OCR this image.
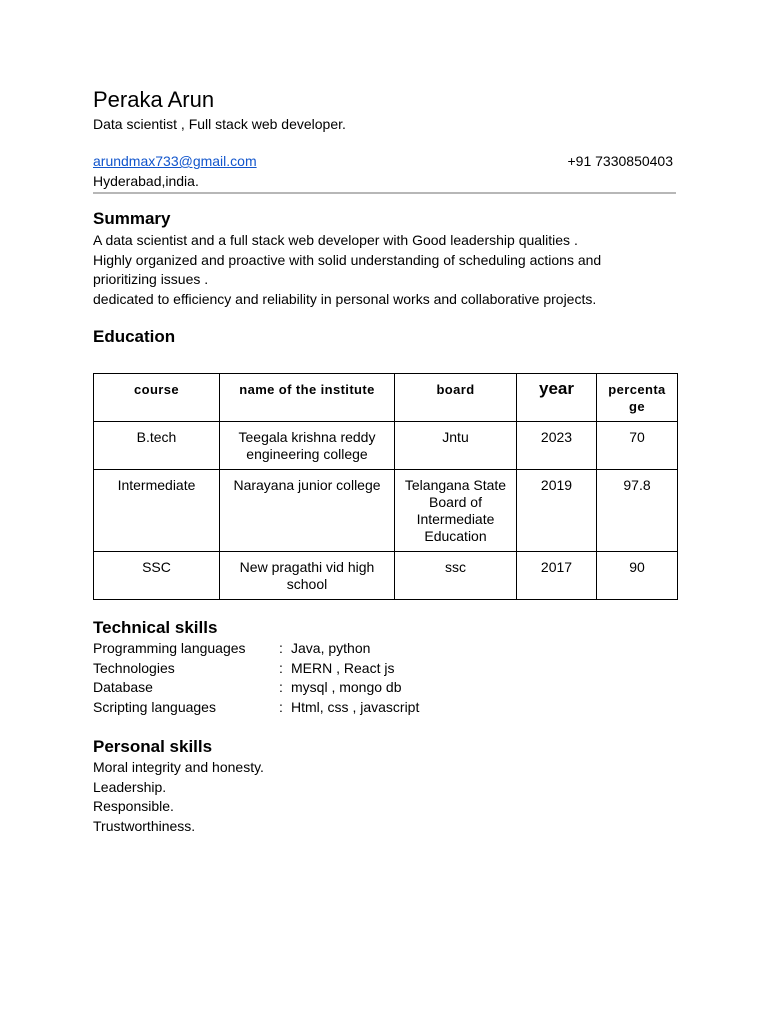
Peraka Arun
Data scientist , Full stack web developer.
arundmax733@gmail.com	+91 7330850403
Hyderabad,india.
Summary
A data scientist and a full stack web developer with Good leadership qualities .
Highly organized and proactive with solid understanding of scheduling actions and
prioritizing issues .
dedicated to efficiency and reliability in personal works and collaborative projects.
Education
course	name of the institute	board	year	percenta ge
B.tech	Teegala krishna reddy engineering college	Jntu	2023	70
Intermediate	Narayana junior college	Telangana State Board of Intermediate Education	2019	97.8
SSC	New pragathi vid high school	ssc	2017	90
Technical skills
Programming languages : Java, python
Technologies	: MERN , React js
Database	: mysql , mongo db
Scripting languages	: Html, css , javascript
Personal skills
Moral integrity and honesty.
Leadership.
Responsible.
Trustworthiness.
